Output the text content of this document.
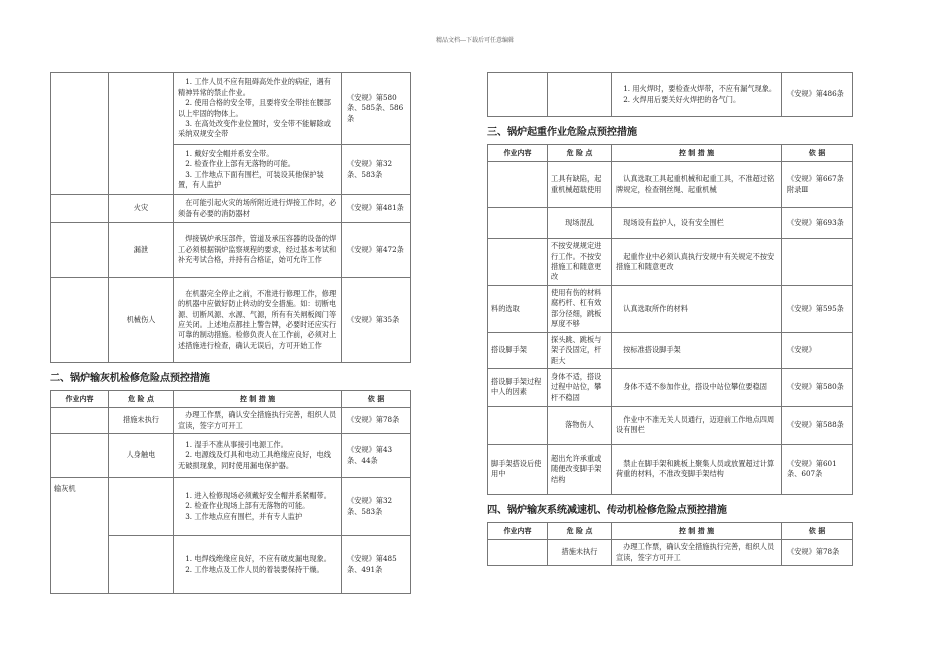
精品文档---下载后可任意编辑

		1. 工作人员不应有阻碍高处作业的病症，遇有精神异常的禁止作业。
2. 使用合格的安全带，且要将安全带挂在腰部以上牢固的物体上。
3. 在高处改变作业位置时，安全带不能解除或采纳双规安全带	《安规》第580 条、585条、586条

		1. 戴好安全帽并系安全带。
2. 检查作业上部有无落物的可能。
3. 工作地点下面有围栏，可装设其他保护装置，有人监护	《安规》第32条、583条
	火灾	在可能引起火灾的场所附近进行焊接工作时，必须备有必要的消防器材	《安规》第481条
	漏泄	焊接锅炉承压部件，管道及承压容器的设备的焊工必须根据锅炉监察规程的要求，经过基本考试和补充考试合格，并持有合格证，始可允许工作	《安规》第472条
	机械伤人	在机器完全停止之前，不准进行修理工作，修理的机器中应做好防止转动的安全措施。如：切断电源、切断风源、水源、气源，所有有关闸板阀门等应关闭。上述地点都挂上警告牌，必要时还应实行可靠的制动措施。检修负责人在工作前，必须对上述措施进行检查，确认无误后，方可开始工作	《安规》第35条
二、锅炉输灰机检修危险点预控措施
作业内容	危 险 点	控 制 措 施	依 据
	措施未执行	办理工作票，确认安全措施执行完善，组织人员宣读，签字方可开工	《安规》第78条
	人身触电	1. 湿手不准从事接引电源工作。
2. 电源线及灯具和电动工具绝缘应良好，电线无破损现象，同时使用漏电保护器。	《安规》第43条、44条
输灰机		1. 进入检修现场必须戴好安全帽并系紧帽带。
2. 检查作业现场上部有无落物的可能。
3. 工作地点应有围栏，并有专人监护	《安规》第32条、583条

		1. 电焊线绝缘应良好，不应有破皮漏电现象。
2. 工作地点及工作人员的着装要保持干燥。	《安规》第485条、491条

1. 用火焊时，要检查火焊带，不应有漏气现象。
2. 火焊用后要关好火焊把的各气门。
	《安规》第486条
三、锅炉起重作业危险点预控措施
作业内容	危 险 点	控 制 措 施	依 据
	工具有缺陷，起重机械超载使用	认真选取工具起重机械和起重工具，不准超过铭牌规定，检查钢丝绳、起重机械	《安规》第667条附录Ⅲ
	现场混乱	现场设有监护人，设有安全围栏	《安规》第693条
	不按安规规定进行工作。不按安措施工和随意更改	起重作业中必须认真执行安规中有关规定不按安措施工和随意更改	

料的选取	使用有伤的材料腐朽杆、杠有效部分径细，跳板厚度不够	认真选取所作的材料	《安规》第595条
搭设脚手架	探头跳、跳板与架子没固定，杆距大	按标准搭设脚手架	《安规》
搭设脚手架过程中人的因素	身体不适，搭设过程中站位，攀杆不稳固	身体不适不参加作业，搭设中站位攀位要稳固	《安规》第580条
	落物伤人	作业中不准无关人员通行，迈迎前工作地点四周设有围栏	《安规》第588条
脚手架搭设后使用中	超出允许承重或随便改变脚手架结构	禁止在脚手架和跳板上聚集人员或放置超过计算荷重的材料，不准改变脚手架结构	《安规》第601条、607条
四、锅炉输灰系统减速机、传动机检修危险点预控措施
作业内容	危 险 点	控 制 措 施	依 据
	措施未执行	办理工作票，确认安全措施执行完善，组织人员宣读，签字方可开工	《安规》第78条
